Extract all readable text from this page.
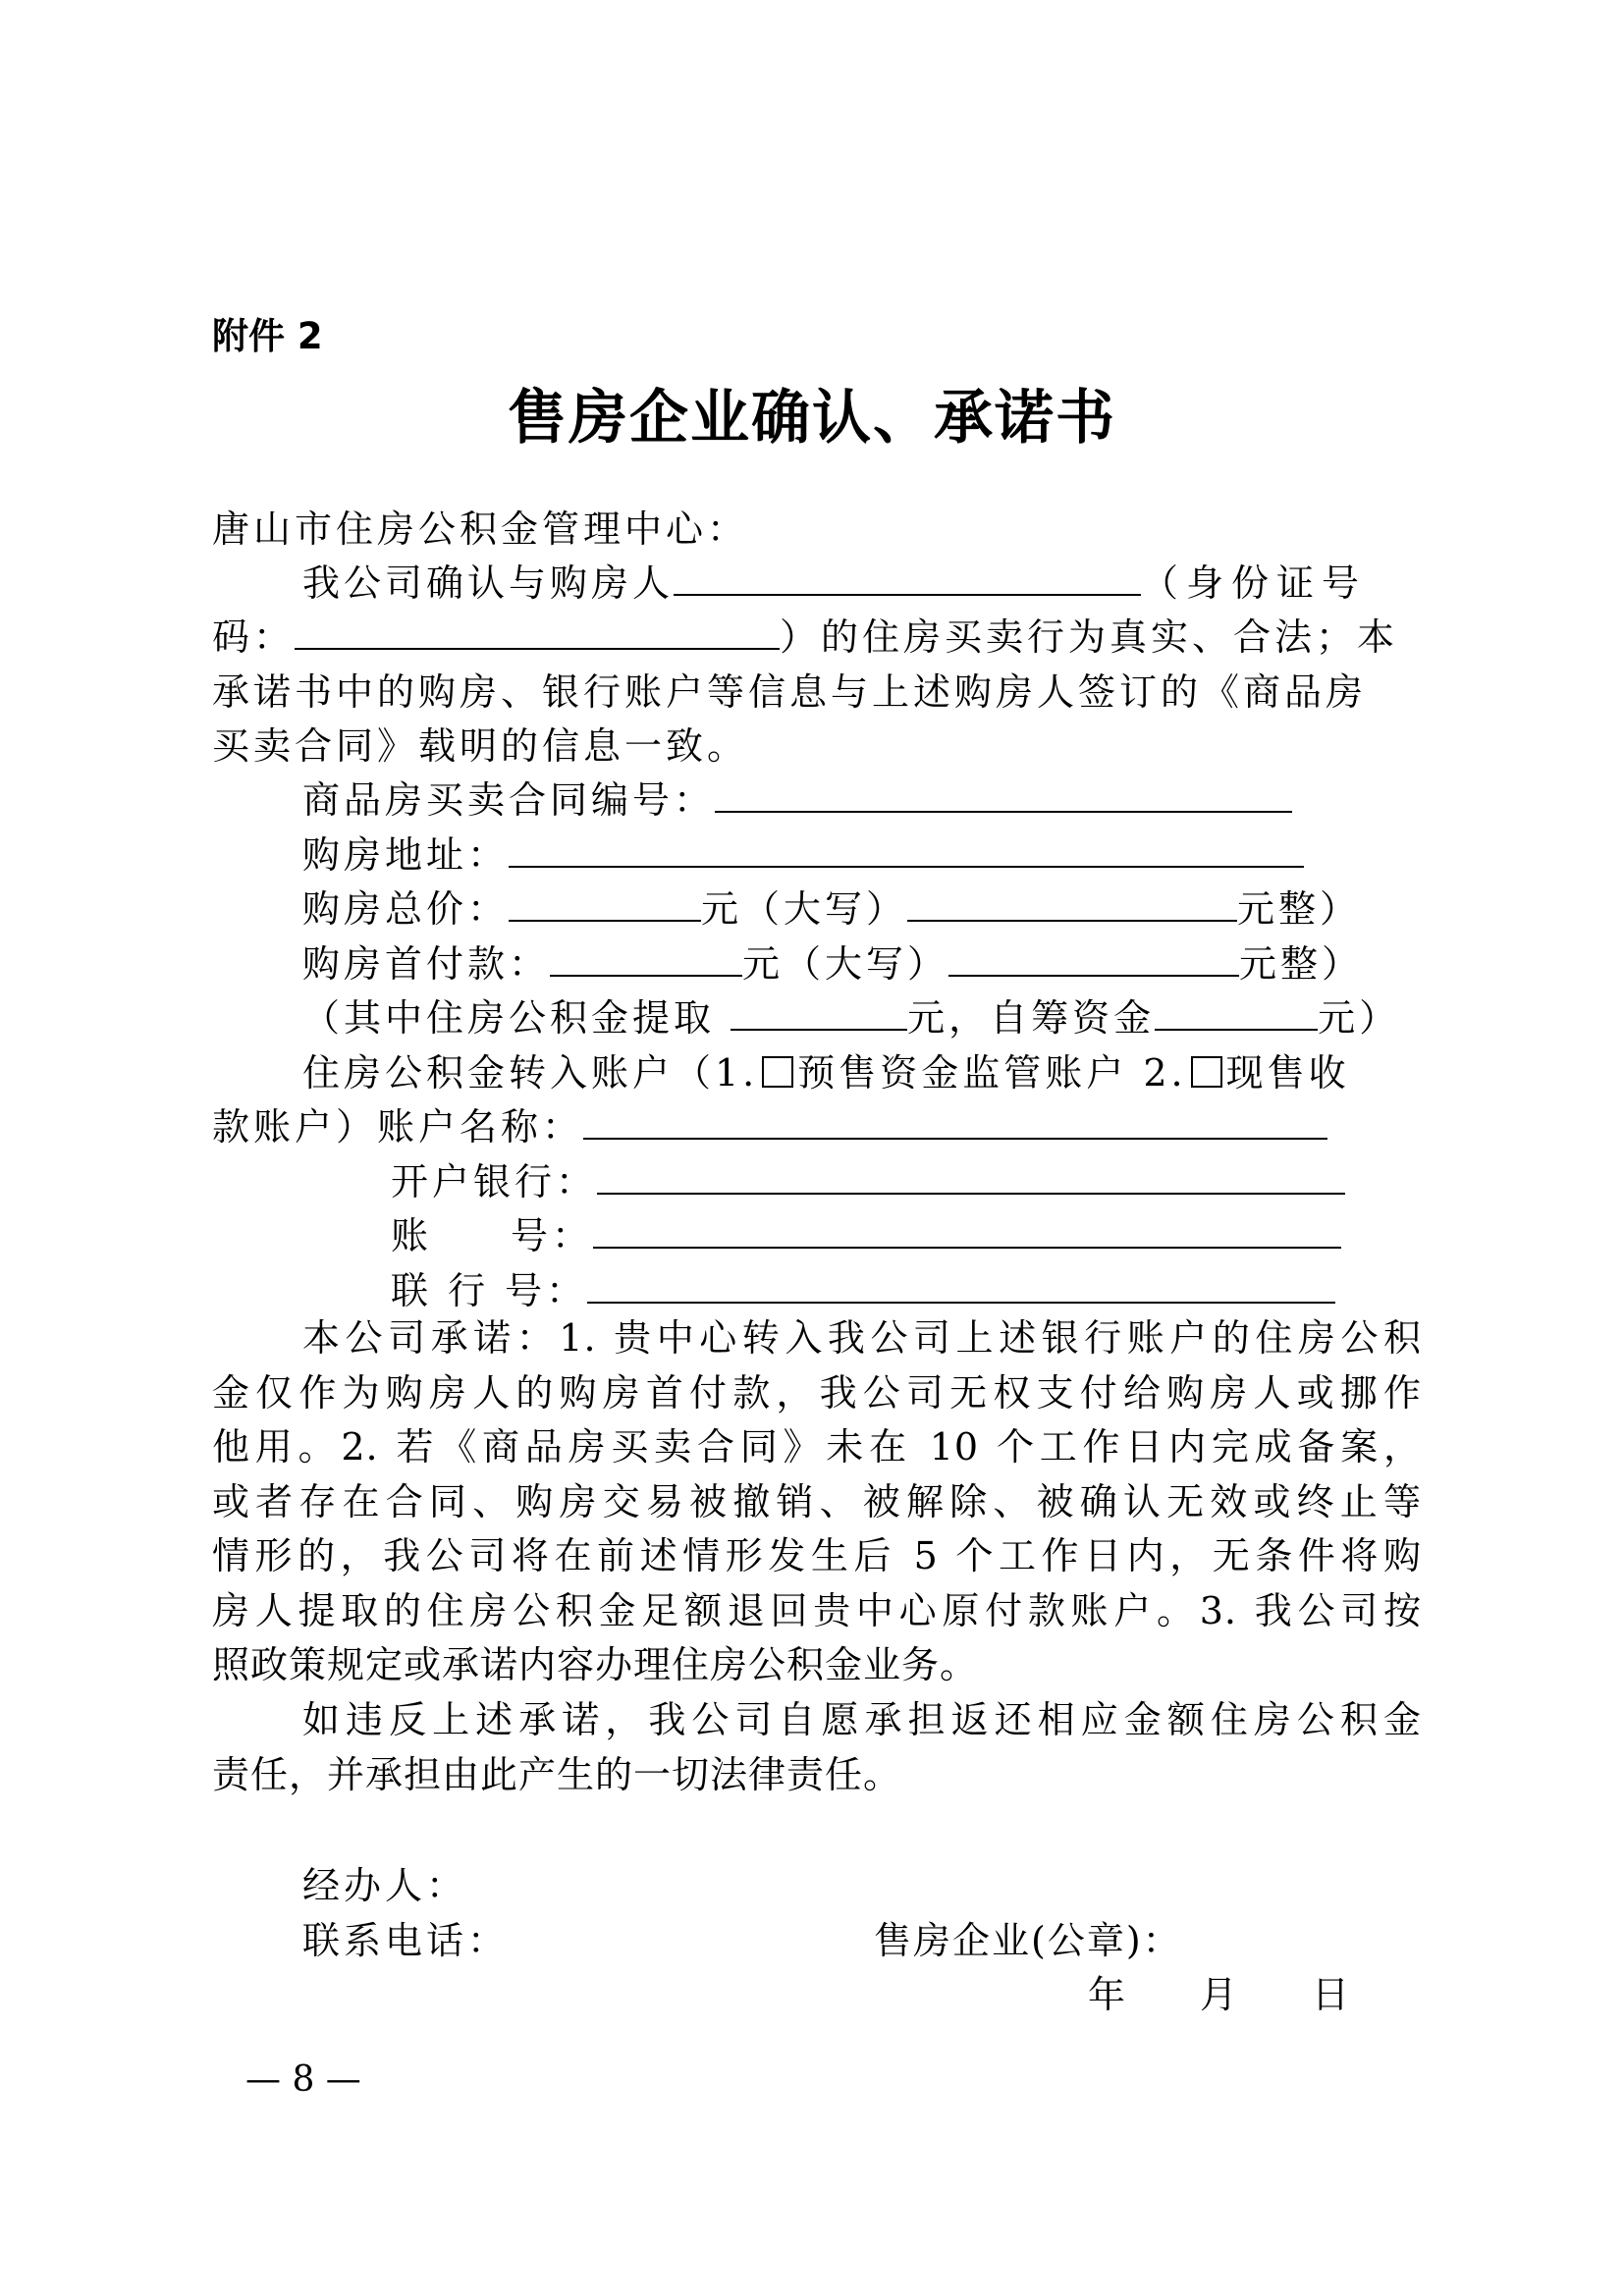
附件 2
售房企业确认、承诺书
唐山市住房公积金管理中心：
我公司确认与购房人	（身份证号
码：	）的住房买卖行为真实、合法；本
承诺书中的购房、银行账户等信息与上述购房人签订的《商品房
买卖合同》载明的信息一致。
商品房买卖合同编号：
购房地址：
购房总价：	元（大写）	元整）
购房首付款：	元（大写）	元整）
（其中住房公积金提取	元，自筹资金	元）
住房公积金转入账户（1. 预售资金监管账户 2. 现售收
款账户）账户名称：
开户银行：
账 号：
联 行 号：
本公司承诺：1. 贵中心转入我公司上述银行账户的住房公积
金仅作为购房人的购房首付款，我公司无权支付给购房人或挪作
他用。2. 若《商品房买卖合同》未在 10 个工作日内完成备案，
或者存在合同、购房交易被撤销、被解除、被确认无效或终止等
情形的，我公司将在前述情形发生后 5 个工作日内，无条件将购
房人提取的住房公积金足额退回贵中心原付款账户。3. 我公司按
照政策规定或承诺内容办理住房公积金业务。
如违反上述承诺，我公司自愿承担返还相应金额住房公积金
责任，并承担由此产生的一切法律责任。
经办人：
联系电话：	售房企业(公章)：
年 月 日
— 8 —
